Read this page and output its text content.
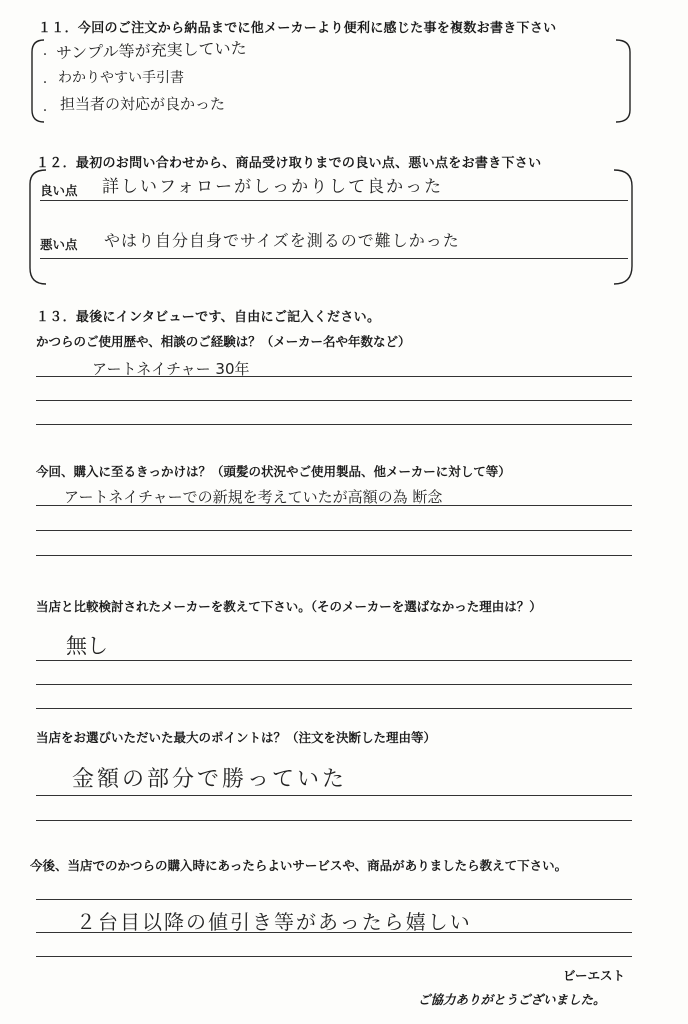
１１．今回のご注文から納品までに他メーカーより便利に感じた事を複数お書き下さい
・ サンプル等が充実していた
・ わかりやすい手引書
・ 担当者の対応が良かった
１２．最初のお問い合わせから、商品受け取りまでの良い点、悪い点をお書き下さい
良い点 詳しいフォローがしっかりして良かった
悪い点 やはり自分自身でサイズを測るので難しかった
１３．最後にインタビューです、自由にご記入ください。
かつらのご使用歴や、相談のご経験は？（メーカー名や年数など）
アートネイチャー 30年
今回、購入に至るきっかけは？（頭髪の状況やご使用製品、他メーカーに対して等）
アートネイチャーでの新規を考えていたが高額の為 断念
当店と比較検討されたメーカーを教えて下さい。（そのメーカーを選ばなかった理由は？）
無し
当店をお選びいただいた最大のポイントは？（注文を決断した理由等）
金額の部分で勝っていた
今後、当店でのかつらの購入時にあったらよいサービスや、商品がありましたら教えて下さい。
２台目以降の値引き等があったら嬉しい
ビーエスト
ご協力ありがとうございました。
